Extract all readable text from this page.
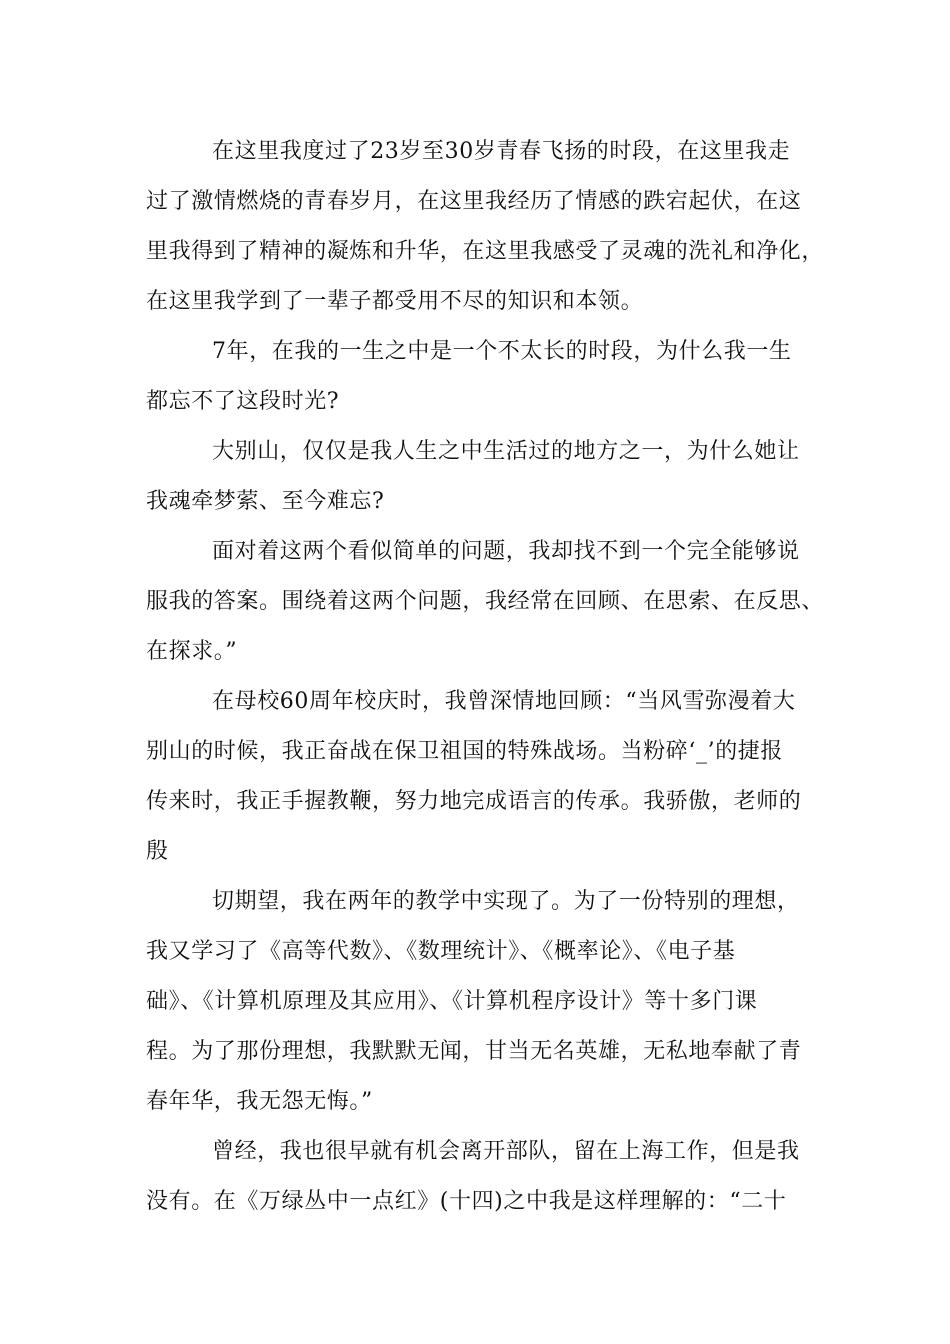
在这里我度过了23岁至30岁青春飞扬的时段，在这里我走
过了激情燃烧的青春岁月，在这里我经历了情感的跌宕起伏，在这
里我得到了精神的凝炼和升华，在这里我感受了灵魂的洗礼和净化，
在这里我学到了一辈子都受用不尽的知识和本领。

7年，在我的一生之中是一个不太长的时段，为什么我一生
都忘不了这段时光?

大别山，仅仅是我人生之中生活过的地方之一，为什么她让
我魂牵梦萦、至今难忘?

面对着这两个看似简单的问题，我却找不到一个完全能够说
服我的答案。围绕着这两个问题，我经常在回顾、在思索、在反思、
在探求。”

在母校60周年校庆时，我曾深情地回顾：“当风雪弥漫着大
别山的时候，我正奋战在保卫祖国的特殊战场。当粉碎‘_’的捷报
传来时，我正手握教鞭，努力地完成语言的传承。我骄傲，老师的
殷

切期望，我在两年的教学中实现了。为了一份特别的理想，
我又学习了《高等代数》、《数理统计》、《概率论》、《电子基
础》、《计算机原理及其应用》、《计算机程序设计》等十多门课
程。为了那份理想，我默默无闻，甘当无名英雄，无私地奉献了青
春年华，我无怨无悔。”

曾经，我也很早就有机会离开部队，留在上海工作，但是我
没有。在《万绿丛中一点红》(十四)之中我是这样理解的：“二十
